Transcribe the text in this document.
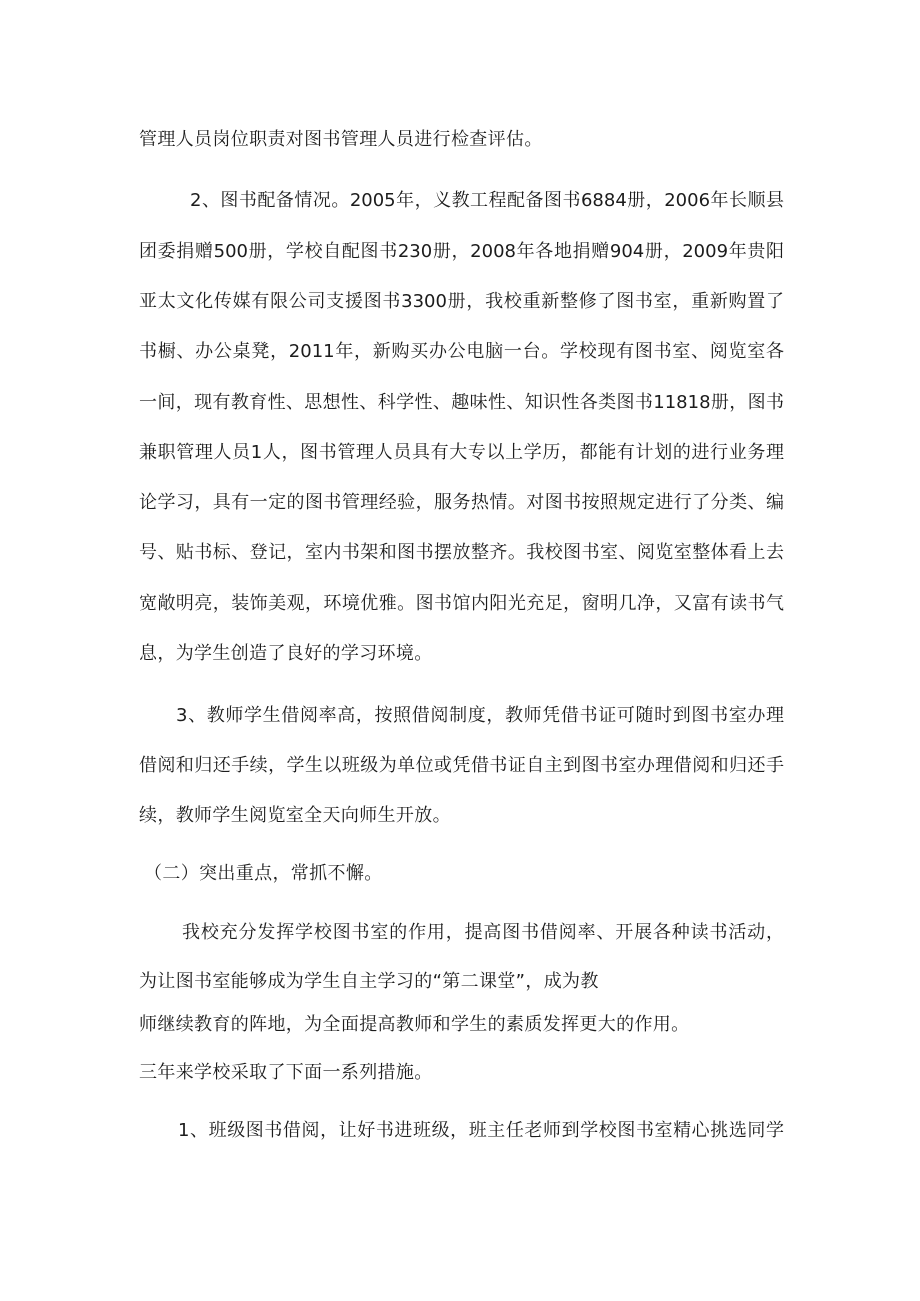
管理人员岗位职责对图书管理人员进行检查评估。
2、图书配备情况。2005年，义教工程配备图书6884册，2006年长顺县
团委捐赠500册，学校自配图书230册，2008年各地捐赠904册，2009年贵阳
亚太文化传媒有限公司支援图书3300册，我校重新整修了图书室，重新购置了
书橱、办公桌凳，2011年，新购买办公电脑一台。学校现有图书室、阅览室各
一间，现有教育性、思想性、科学性、趣味性、知识性各类图书11818册，图书
兼职管理人员1人，图书管理人员具有大专以上学历，都能有计划的进行业务理
论学习，具有一定的图书管理经验，服务热情。对图书按照规定进行了分类、编
号、贴书标、登记，室内书架和图书摆放整齐。我校图书室、阅览室整体看上去
宽敞明亮，装饰美观，环境优雅。图书馆内阳光充足，窗明几净，又富有读书气
息，为学生创造了良好的学习环境。
3、教师学生借阅率高，按照借阅制度，教师凭借书证可随时到图书室办理
借阅和归还手续，学生以班级为单位或凭借书证自主到图书室办理借阅和归还手
续，教师学生阅览室全天向师生开放。
（二）突出重点，常抓不懈。
我校充分发挥学校图书室的作用，提高图书借阅率、开展各种读书活动，
为让图书室能够成为学生自主学习的“第二课堂”，成为教
师继续教育的阵地，为全面提高教师和学生的素质发挥更大的作用。
三年来学校采取了下面一系列措施。
1、班级图书借阅，让好书进班级，班主任老师到学校图书室精心挑选同学
